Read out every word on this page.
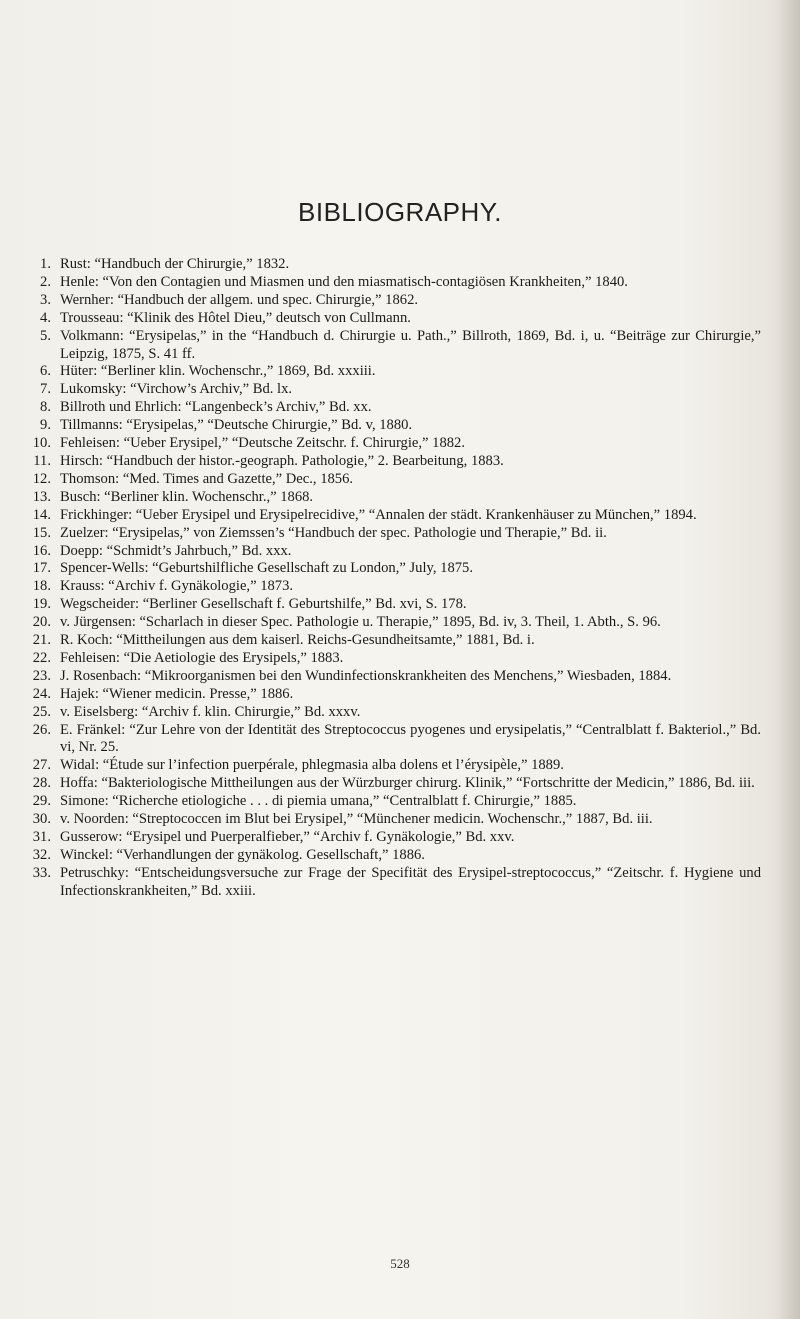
BIBLIOGRAPHY.
1. Rust: “Handbuch der Chirurgie,” 1832.
2. Henle: “Von den Contagien und Miasmen und den miasmatisch-contagiösen Krankheiten,” 1840.
3. Wernher: “Handbuch der allgem. und spec. Chirurgie,” 1862.
4. Trousseau: “Klinik des Hôtel Dieu,” deutsch von Cullmann.
5. Volkmann: “Erysipelas,” in the “Handbuch d. Chirurgie u. Path.,” Billroth, 1869, Bd. i, u. “Beiträge zur Chirurgie,” Leipzig, 1875, S. 41 ff.
6. Hüter: “Berliner klin. Wochenschr.,” 1869, Bd. xxxiii.
7. Lukomsky: “Virchow’s Archiv,” Bd. lx.
8. Billroth und Ehrlich: “Langenbeck’s Archiv,” Bd. xx.
9. Tillmanns: “Erysipelas,” “Deutsche Chirurgie,” Bd. v, 1880.
10. Fehleisen: “Ueber Erysipel,” “Deutsche Zeitschr. f. Chirurgie,” 1882.
11. Hirsch: “Handbuch der histor.-geograph. Pathologie,” 2. Bearbeitung, 1883.
12. Thomson: “Med. Times and Gazette,” Dec., 1856.
13. Busch: “Berliner klin. Wochenschr.,” 1868.
14. Frickhinger: “Ueber Erysipel und Erysipelrecidive,” “Annalen der städt. Krankenhäuser zu München,” 1894.
15. Zuelzer: “Erysipelas,” von Ziemssen’s “Handbuch der spec. Pathologie und Therapie,” Bd. ii.
16. Doepp: “Schmidt’s Jahrbuch,” Bd. xxx.
17. Spencer-Wells: “Geburtshilfliche Gesellschaft zu London,” July, 1875.
18. Krauss: “Archiv f. Gynäkologie,” 1873.
19. Wegscheider: “Berliner Gesellschaft f. Geburtshilfe,” Bd. xvi, S. 178.
20. v. Jürgensen: “Scharlach in dieser Spec. Pathologie u. Therapie,” 1895, Bd. iv, 3. Theil, 1. Abth., S. 96.
21. R. Koch: “Mittheilungen aus dem kaiserl. Reichs-Gesundheitsamte,” 1881, Bd. i.
22. Fehleisen: “Die Aetiologie des Erysipels,” 1883.
23. J. Rosenbach: “Mikroorganismen bei den Wundinfectionskrankheiten des Menchens,” Wiesbaden, 1884.
24. Hajek: “Wiener medicin. Presse,” 1886.
25. v. Eiselsberg: “Archiv f. klin. Chirurgie,” Bd. xxxv.
26. E. Fränkel: “Zur Lehre von der Identität des Streptococcus pyogenes und erysipelatis,” “Centralblatt f. Bakteriol.,” Bd. vi, Nr. 25.
27. Widal: “Étude sur l’infection puerpérale, phlegmasia alba dolens et l’érysipèle,” 1889.
28. Hoffa: “Bakteriologische Mittheilungen aus der Würzburger chirurg. Klinik,” “Fortschritte der Medicin,” 1886, Bd. iii.
29. Simone: “Richerche etiologiche . . . di piemia umana,” “Centralblatt f. Chirurgie,” 1885.
30. v. Noorden: “Streptococcen im Blut bei Erysipel,” “Münchener medicin. Wochenschr.,” 1887, Bd. iii.
31. Gusserow: “Erysipel und Puerperalfieber,” “Archiv f. Gynäkologie,” Bd. xxv.
32. Winckel: “Verhandlungen der gynäkolog. Gesellschaft,” 1886.
33. Petruschky: “Entscheidungsversuche zur Frage der Specifität des Erysipel-streptococcus,” “Zeitschr. f. Hygiene und Infectionskrankheiten,” Bd. xxiii.
528
